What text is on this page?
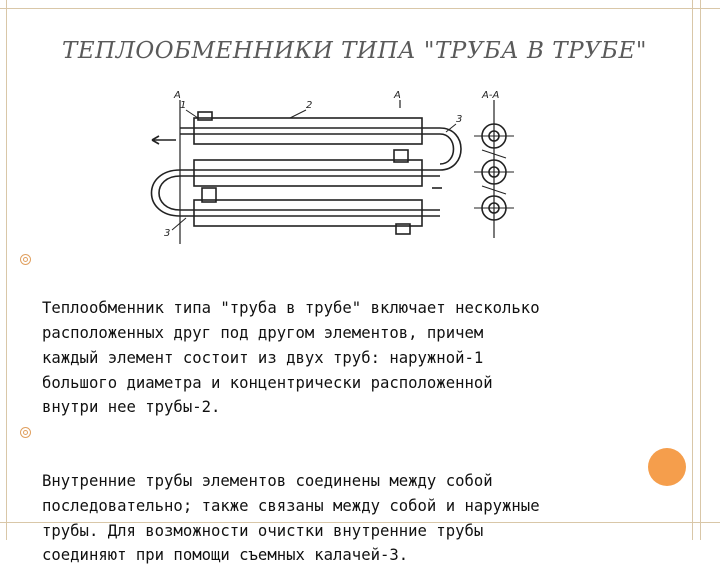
ТЕПЛООБМЕННИКИ ТИПА "ТРУБА В ТРУБЕ"
1	2
3
3
А	А	А-А

Теплообменник типа "труба в трубе" включает несколько
расположенных друг под другом элементов, причем
каждый элемент состоит из двух труб: наружной-1
большого диаметра и концентрически расположенной
внутри нее трубы-2.

Внутренние трубы элементов соединены между собой
последовательно; также связаны между собой и наружные
трубы. Для возможности очистки внутренние трубы
соединяют при помощи съемных калачей-3.
